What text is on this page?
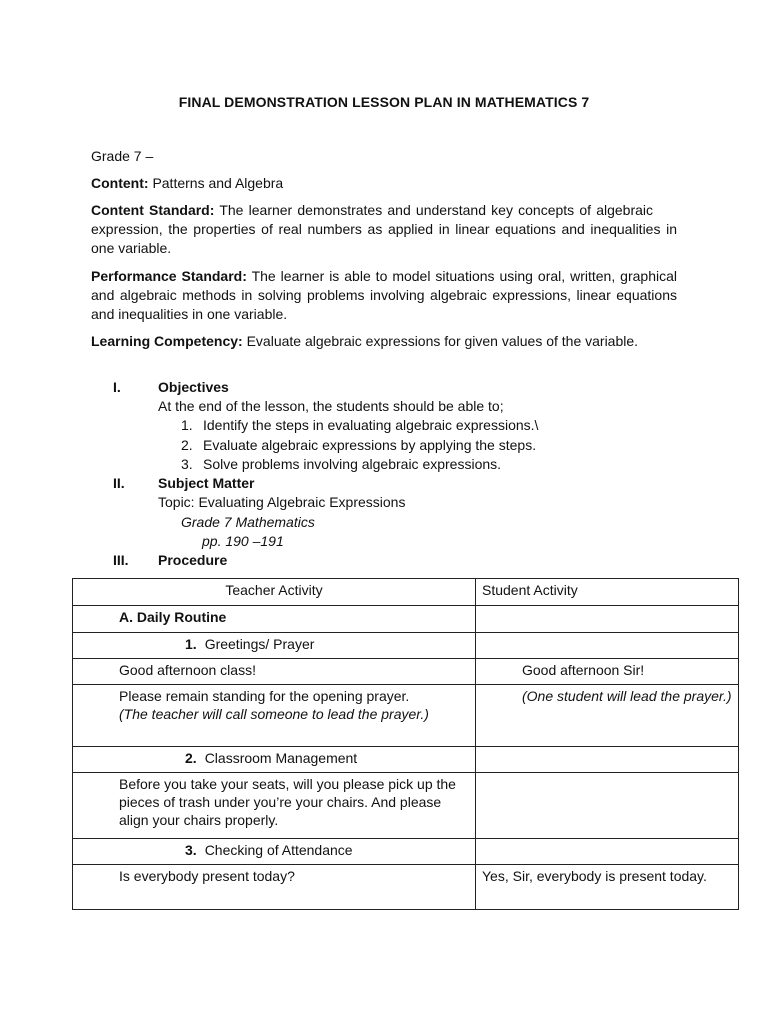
FINAL DEMONSTRATION LESSON PLAN IN MATHEMATICS 7
Grade 7 –
Content: Patterns and Algebra
Content Standard: The learner demonstrates and understand key concepts of algebraicexpression, the properties of real numbers as applied in linear equations and inequalities in one variable.
Performance Standard: The learner is able to model situations using oral, written, graphical and algebraic methods in solving problems involving algebraic expressions, linear equations and inequalities in one variable.
Learning Competency: Evaluate algebraic expressions for given values of the variable.
I.	Objectives
At the end of the lesson, the students should be able to;
1. Identify the steps in evaluating algebraic expressions.\
2. Evaluate algebraic expressions by applying the steps.
3. Solve problems involving algebraic expressions.
II. Subject Matter
Topic: Evaluating Algebraic Expressions
Grade 7 Mathematics
pp. 190 –191
III. Procedure
Teacher Activity	Student Activity
A. Daily Routine	
1. Greetings/ Prayer	
Good afternoon class!	Good afternoon Sir!

Please remain standing for the opening prayer.
(The teacher will call someone to lead the prayer.)	(One student will lead the prayer.)
2. Classroom Management	
Before you take your seats, will you please pick up the pieces of trash under you’re your chairs. And please align your chairs properly.	
3. Checking of Attendance	
Is everybody present today?	Yes, Sir, everybody is present today.
